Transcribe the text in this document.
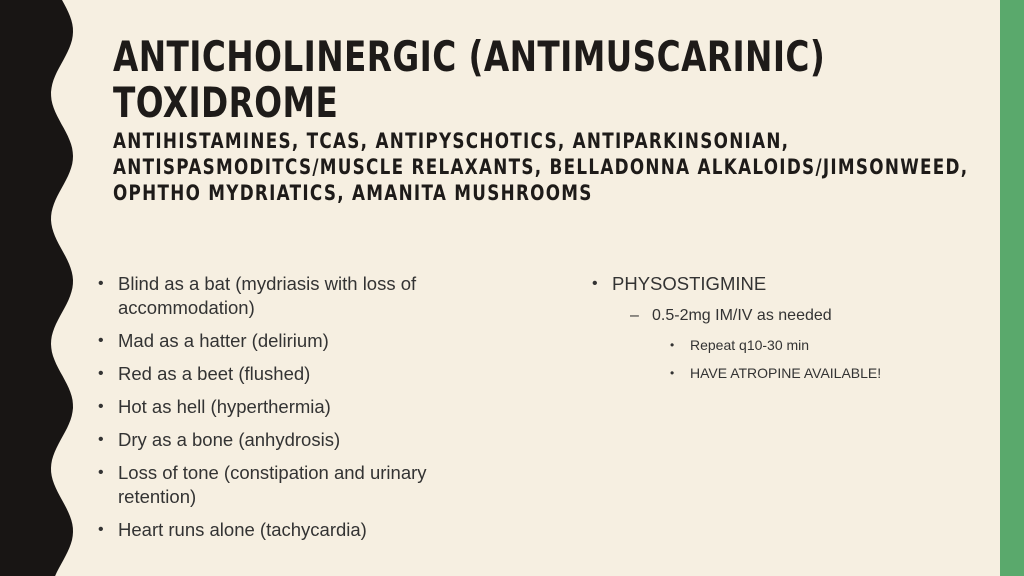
ANTICHOLINERGIC (ANTIMUSCARINIC)
TOXIDROME
ANTIHISTAMINES, TCAS, ANTIPYSCHOTICS, ANTIPARKINSONIAN, ANTISPASMODITCS/MUSCLE RELAXANTS, BELLADONNA ALKALOIDS/JIMSONWEED, OPHTHO MYDRIATICS, AMANITA MUSHROOMS
• Blind as a bat (mydriasis with loss of accommodation)
• Mad as a hatter (delirium)
• Red as a beet (flushed)
• Hot as hell (hyperthermia)
• Dry as a bone (anhydrosis)
• Loss of tone (constipation and urinary retention)
• Heart runs alone (tachycardia)
• PHYSOSTIGMINE
– 0.5-2mg IM/IV as needed
• Repeat q10-30 min
• HAVE ATROPINE AVAILABLE!
